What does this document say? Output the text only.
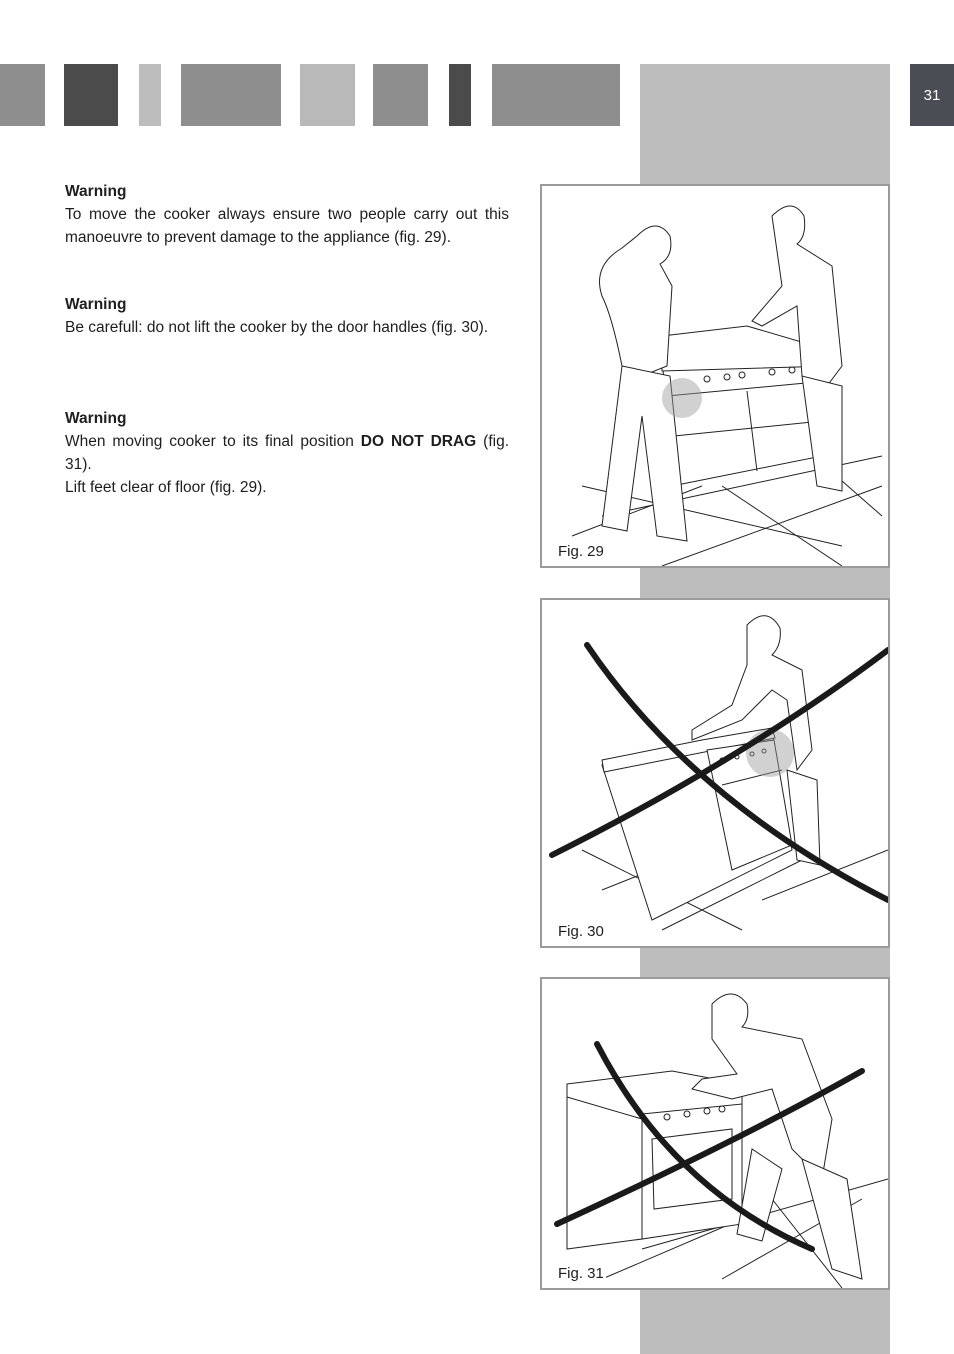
31
Warning

To move the cooker always ensure two people carry out this manoeuvre to prevent damage to the appliance (fig. 29).

Warning

Be carefull: do not lift the cooker by the door handles (fig. 30).

Warning

When moving cooker to its final position DO NOT DRAG (fig. 31).

Lift feet clear of floor (fig. 29).

Fig. 29
Fig. 30
Fig. 31
